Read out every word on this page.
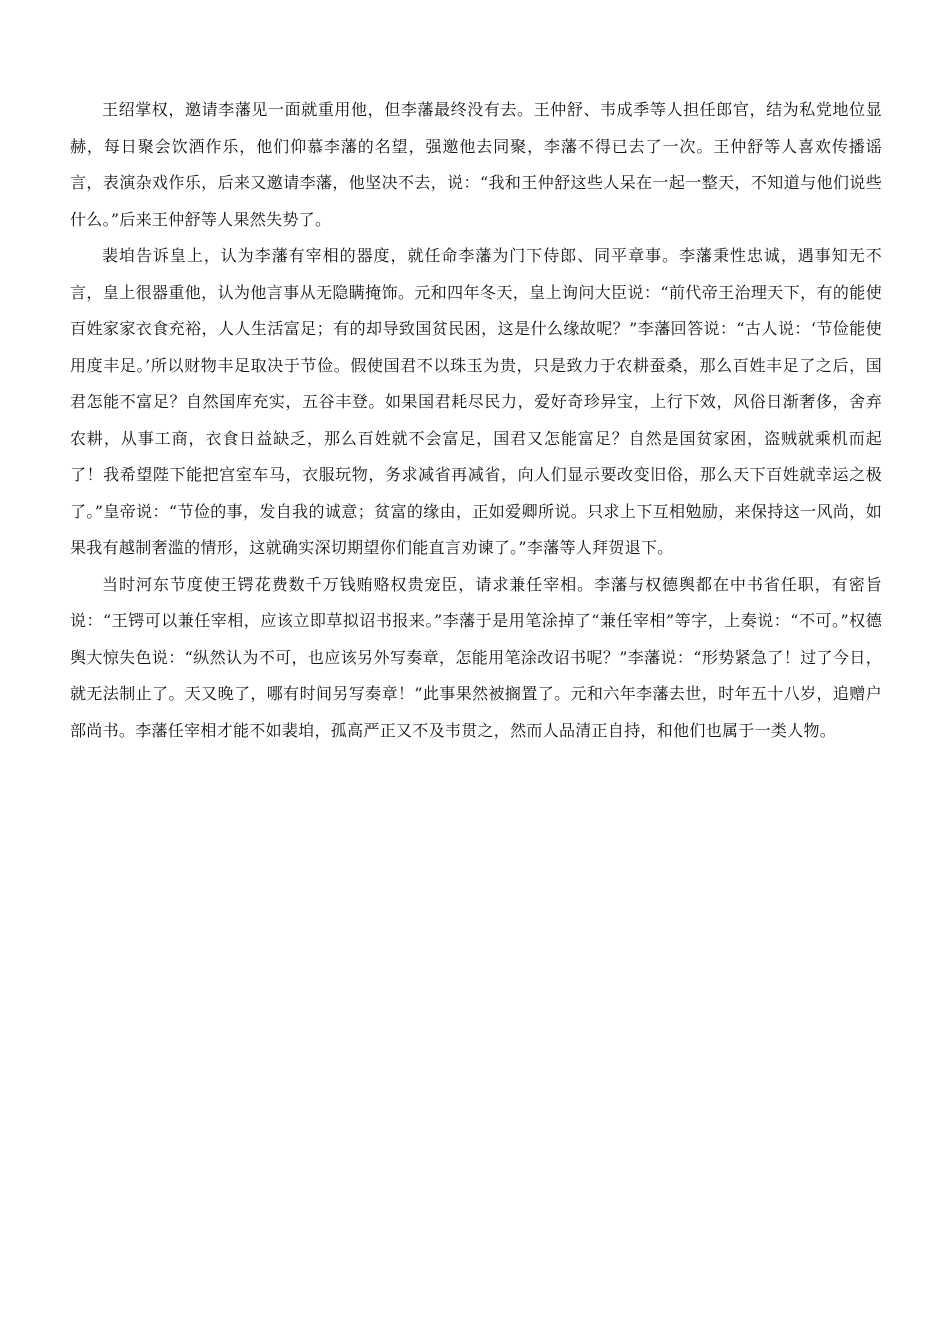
王绍掌权，邀请李藩见一面就重用他，但李藩最终没有去。王仲舒、韦成季等人担任郎官，结为私党地位显赫，每日聚会饮酒作乐，他们仰慕李藩的名望，强邀他去同聚，李藩不得已去了一次。王仲舒等人喜欢传播谣言，表演杂戏作乐，后来又邀请李藩，他坚决不去，说：“我和王仲舒这些人呆在一起一整天，不知道与他们说些什么。”后来王仲舒等人果然失势了。

裴垍告诉皇上，认为李藩有宰相的器度，就任命李藩为门下侍郎、同平章事。李藩秉性忠诚，遇事知无不言，皇上很器重他，认为他言事从无隐瞒掩饰。元和四年冬天，皇上询问大臣说：“前代帝王治理天下，有的能使百姓家家衣食充裕，人人生活富足；有的却导致国贫民困，这是什么缘故呢？”李藩回答说：“古人说：‘节俭能使用度丰足。’所以财物丰足取决于节俭。假使国君不以珠玉为贵，只是致力于农耕蚕桑，那么百姓丰足了之后，国君怎能不富足？自然国库充实，五谷丰登。如果国君耗尽民力，爱好奇珍异宝，上行下效，风俗日渐奢侈，舍弃农耕，从事工商，衣食日益缺乏，那么百姓就不会富足，国君又怎能富足？自然是国贫家困，盗贼就乘机而起了！我希望陛下能把宫室车马，衣服玩物，务求减省再减省，向人们显示要改变旧俗，那么天下百姓就幸运之极了。”皇帝说：“节俭的事，发自我的诚意；贫富的缘由，正如爱卿所说。只求上下互相勉励，来保持这一风尚，如果我有越制奢滥的情形，这就确实深切期望你们能直言劝谏了。”李藩等人拜贺退下。

当时河东节度使王锷花费数千万钱贿赂权贵宠臣，请求兼任宰相。李藩与权德舆都在中书省任职，有密旨说：“王锷可以兼任宰相，应该立即草拟诏书报来。”李藩于是用笔涂掉了“兼任宰相”等字，上奏说：“不可。”权德舆大惊失色说：“纵然认为不可，也应该另外写奏章，怎能用笔涂改诏书呢？”李藩说：“形势紧急了！过了今日，就无法制止了。天又晚了，哪有时间另写奏章！”此事果然被搁置了。元和六年李藩去世，时年五十八岁，追赠户部尚书。李藩任宰相才能不如裴垍，孤高严正又不及韦贯之，然而人品清正自持，和他们也属于一类人物。
